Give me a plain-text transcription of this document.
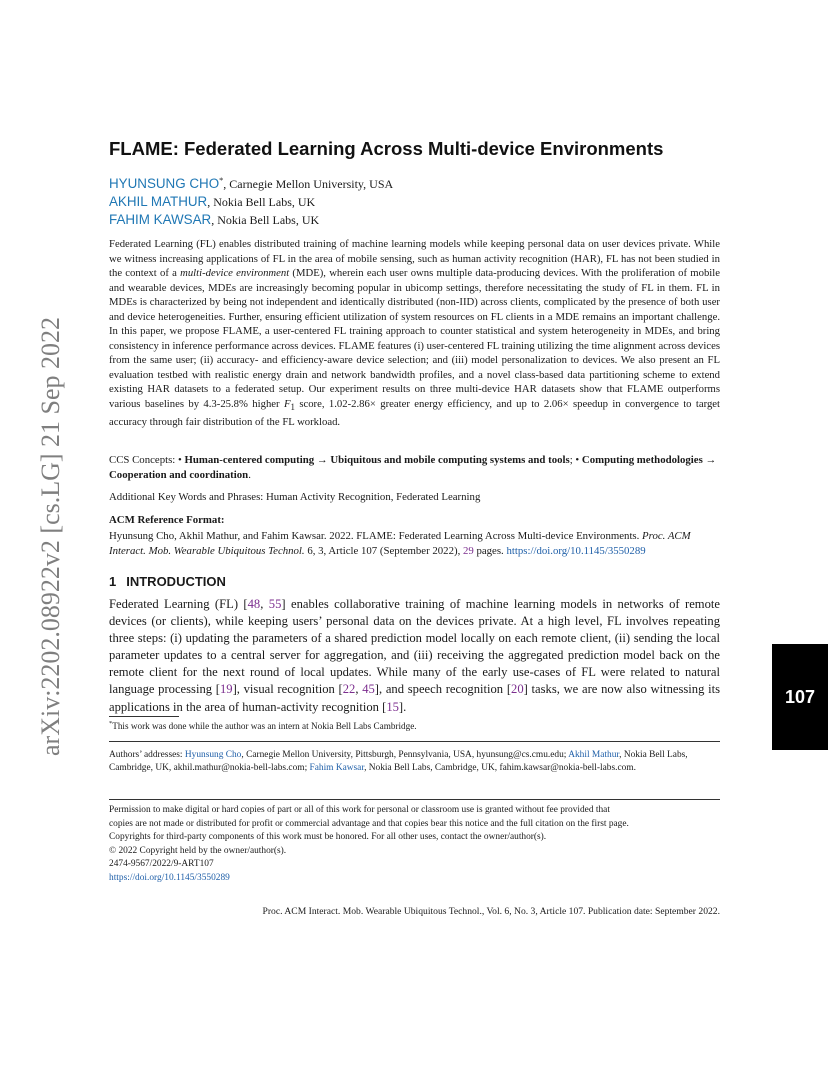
arXiv:2202.08922v2 [cs.LG] 21 Sep 2022	107
FLAME: Federated Learning Across Multi-device Environments
HYUNSUNG CHO*, Carnegie Mellon University, USA
AKHIL MATHUR, Nokia Bell Labs, UK
FAHIM KAWSAR, Nokia Bell Labs, UK

Federated Learning (FL) enables distributed training of machine learning models while keeping personal data on user devices private. While we witness increasing applications of FL in the area of mobile sensing, such as human activity recognition (HAR), FL has not been studied in the context of a multi-device environment (MDE), wherein each user owns multiple data-producing devices. With the proliferation of mobile and wearable devices, MDEs are increasingly becoming popular in ubicomp settings, therefore necessitating the study of FL in them. FL in MDEs is characterized by being not independent and identically distributed (non-IID) across clients, complicated by the presence of both user and device heterogeneities. Further, ensuring efficient utilization of system resources on FL clients in a MDE remains an important challenge. In this paper, we propose FLAME, a user-centered FL training approach to counter statistical and system heterogeneity in MDEs, and bring consistency in inference performance across devices. FLAME features (i) user-centered FL training utilizing the time alignment across devices from the same user; (ii) accuracy- and efficiency-aware device selection; and (iii) model personalization to devices. We also present an FL evaluation testbed with realistic energy drain and network bandwidth profiles, and a novel class-based data partitioning scheme to extend existing HAR datasets to a federated setup. Our experiment results on three multi-device HAR datasets show that FLAME outperforms various baselines by 4.3-25.8% higher $F_1$ score, 1.02-2.86× greater energy efficiency, and up to 2.06× speedup in convergence to target accuracy through fair distribution of the FL workload.

CCS Concepts: • Human-centered computing → Ubiquitous and mobile computing systems and tools; • Computing methodologies → Cooperation and coordination.

Additional Key Words and Phrases: Human Activity Recognition, Federated Learning

ACM Reference Format:

Hyunsung Cho, Akhil Mathur, and Fahim Kawsar. 2022. FLAME: Federated Learning Across Multi-device Environments. Proc. ACM Interact. Mob. Wearable Ubiquitous Technol. 6, 3, Article 107 (September 2022), 29 pages. https://doi.org/10.1145/3550289

1 INTRODUCTION

Federated Learning (FL) [48, 55] enables collaborative training of machine learning models in networks of remote devices (or clients), while keeping users’ personal data on the devices private. At a high level, FL involves repeating three steps: (i) updating the parameters of a shared prediction model locally on each remote client, (ii) sending the local parameter updates to a central server for aggregation, and (iii) receiving the aggregated prediction model back on the remote client for the next round of local updates. While many of the early use-cases of FL were related to natural language processing [19], visual recognition [22, 45], and speech recognition [20] tasks, we are now also witnessing its applications in the area of human-activity recognition [15].

*This work was done while the author was an intern at Nokia Bell Labs Cambridge.

Authors’ addresses: Hyunsung Cho, Carnegie Mellon University, Pittsburgh, Pennsylvania, USA, hyunsung@cs.cmu.edu; Akhil Mathur, Nokia Bell Labs, Cambridge, UK, akhil.mathur@nokia-bell-labs.com; Fahim Kawsar, Nokia Bell Labs, Cambridge, UK, fahim.kawsar@nokia-bell-labs.com.

Permission to make digital or hard copies of part or all of this work for personal or classroom use is granted without fee provided that
copies are not made or distributed for profit or commercial advantage and that copies bear this notice and the full citation on the first page.
Copyrights for third-party components of this work must be honored. For all other uses, contact the owner/author(s).
© 2022 Copyright held by the owner/author(s).
2474-9567/2022/9-ART107
https://doi.org/10.1145/3550289

Proc. ACM Interact. Mob. Wearable Ubiquitous Technol., Vol. 6, No. 3, Article 107. Publication date: September 2022.
